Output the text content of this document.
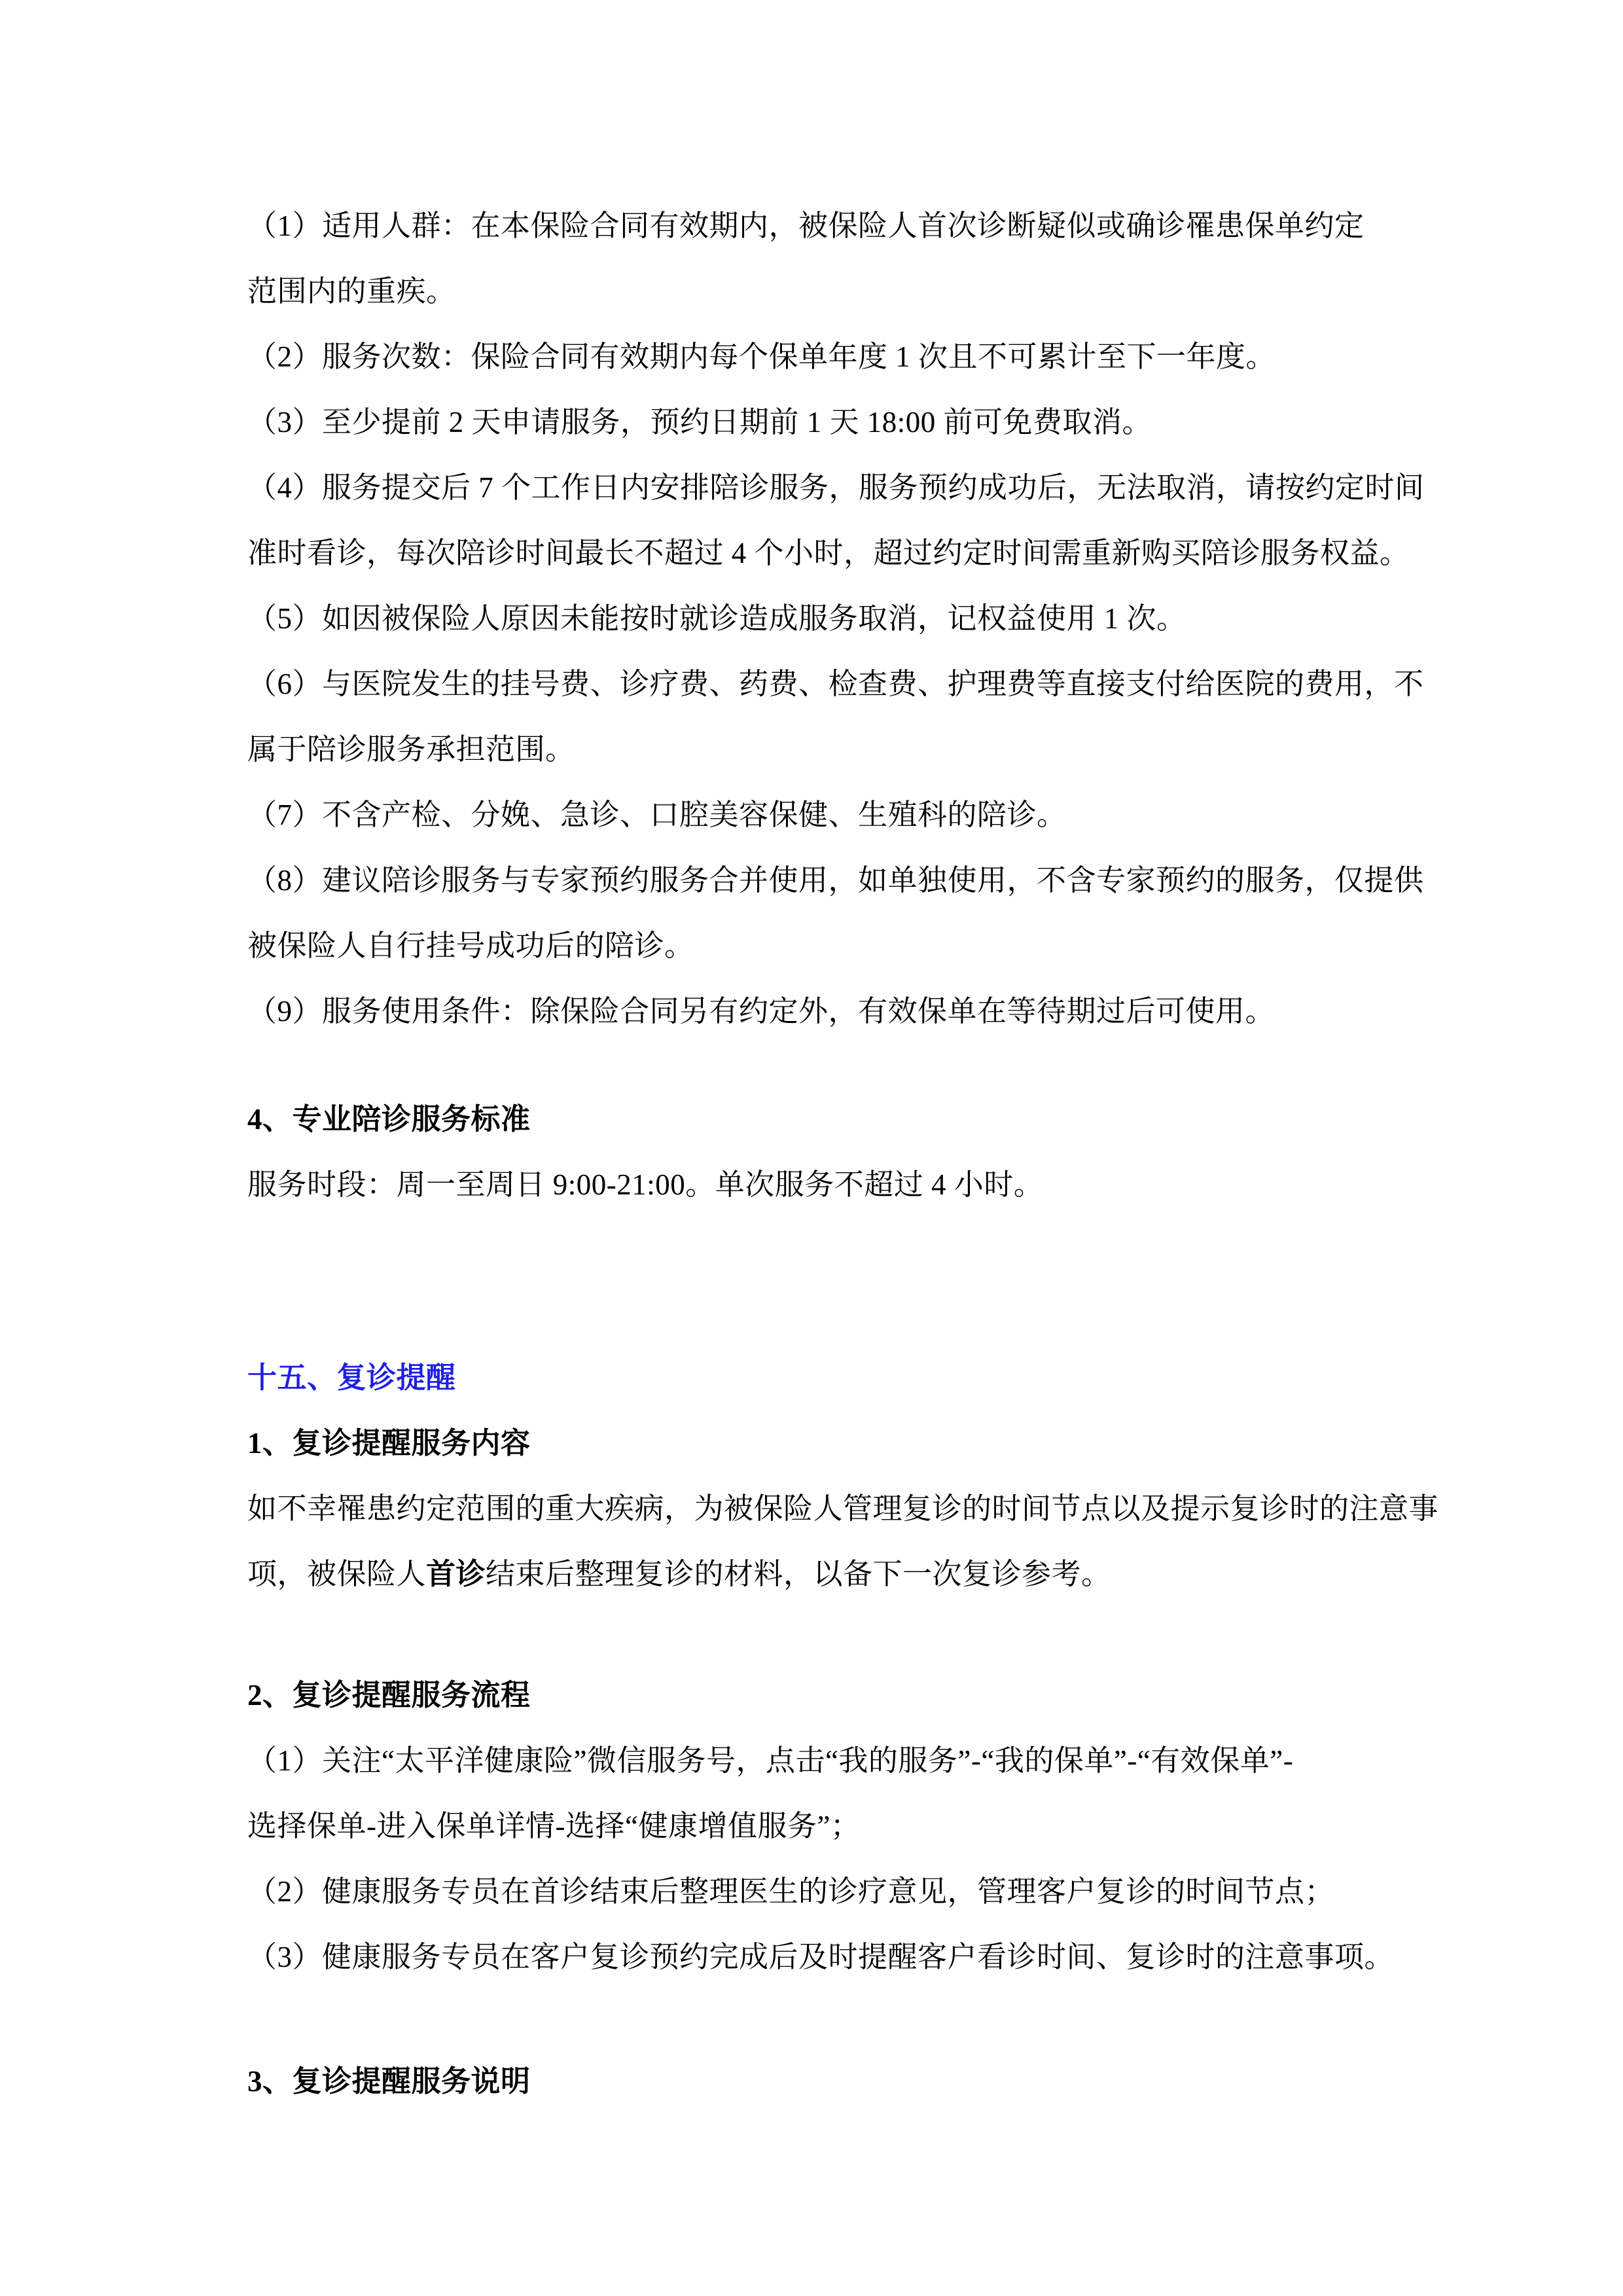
（1）适用人群：在本保险合同有效期内，被保险人首次诊断疑似或确诊罹患保单约定
范围内的重疾。
（2）服务次数：保险合同有效期内每个保单年度 1 次且不可累计至下一年度。
（3）至少提前 2 天申请服务，预约日期前 1 天 18:00 前可免费取消。
（4）服务提交后 7 个工作日内安排陪诊服务，服务预约成功后，无法取消，请按约定时间
准时看诊，每次陪诊时间最长不超过 4 个小时，超过约定时间需重新购买陪诊服务权益。
（5）如因被保险人原因未能按时就诊造成服务取消，记权益使用 1 次。
（6）与医院发生的挂号费、诊疗费、药费、检查费、护理费等直接支付给医院的费用，不
属于陪诊服务承担范围。
（7）不含产检、分娩、急诊、口腔美容保健、生殖科的陪诊。
（8）建议陪诊服务与专家预约服务合并使用，如单独使用，不含专家预约的服务，仅提供
被保险人自行挂号成功后的陪诊。
（9）服务使用条件：除保险合同另有约定外，有效保单在等待期过后可使用。
4、专业陪诊服务标准
服务时段：周一至周日 9:00-21:00。单次服务不超过 4 小时。
十五、复诊提醒
1、复诊提醒服务内容
如不幸罹患约定范围的重大疾病，为被保险人管理复诊的时间节点以及提示复诊时的注意事
项，被保险人首诊结束后整理复诊的材料，以备下一次复诊参考。
2、复诊提醒服务流程
（1）关注“太平洋健康险”微信服务号，点击“我的服务”-“我的保单”-“有效保单”-
选择保单-进入保单详情-选择“健康增值服务”；
（2）健康服务专员在首诊结束后整理医生的诊疗意见，管理客户复诊的时间节点；
（3）健康服务专员在客户复诊预约完成后及时提醒客户看诊时间、复诊时的注意事项。
3、复诊提醒服务说明
